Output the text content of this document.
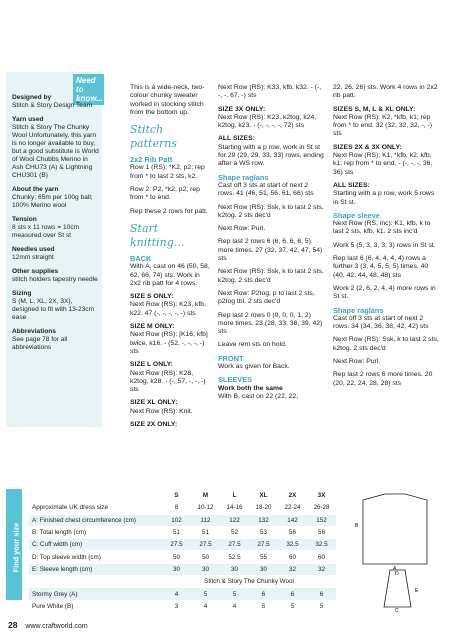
Need to know...
Designed by
Stitch & Story Design Team
Yarn used
Stitch & Story The Chunky Wool Unfortunately, this yarn is no longer available to buy, but a good substitute is World of Wool Chubbs Merino in Ash CHU73 (A) & Lightning CHU301 (B)
About the yarn
Chunky; 65m per 100g ball; 100% Merino wool
Tension
8 sts x 11 rows = 10cm measured over St st
Needles used
12mm straight
Other supplies
stitch holders tapestry needle
Sizing
S (M, L, XL, 2X, 3X), designed to fit with 13-23cm ease
Abbreviations
See page 78 for all abbreviations

This is a wide-neck, two-colour chunky sweater worked in stocking stitch from the bottom up.

Stitch patterns
2x2 Rib Patt

Row 1 (RS): *K2, p2; rep from * to last 2 sts, k2.

Row 2: P2, *k2, p2; rep from * to end.

Rep these 2 rows for patt.

Start knitting...
BACK

With A, cast on 46 (50, 58, 62, 66, 74) sts. Work in 2x2 rib patt for 4 rows.

SIZE S ONLY:

Next Row (RS): K23, kfb, k22. 47 (-, -, -, -, -) sts

SIZE M ONLY:

Next Row (RS): [K16, kfb] twice, k16. - (52, -, -, -, -) sts

SIZE L ONLY:

Next Row (RS): K28, k2tog, k28. - (-, 57, -, -, -) sts

SIZE XL ONLY:

Next Row (RS): Knit.

SIZE 2X ONLY:

Next Row (RS): K33, kfb, k32. - (-, -, -, 67, -) sts

SIZE 3X ONLY:

Next Row (RS): K23, k2tog, k24, k2tog, k23. - (-, -, -, -, 72) sts

ALL SIZES:

Starting with a p row, work in St st for 29 (29, 29, 33, 33) rows, ending after a WS row.

Shape raglans

Cast off 3 sts at start of next 2 rows. 41 (46, 51, 56, 61, 66) sts

Next Row (RS): Ssk, k to last 2 sts, k2tog. 2 sts dec'd

Next Row: Purl.

Rep last 2 rows 6 (6, 6, 6, 6, 5) more times. 27 (32, 37, 42, 47, 54) sts

Next Row (RS): Ssk, k to last 2 sts, k2tog. 2 sts dec'd

Next Row: P2tog, p to last 2 sts, p2tog tbl. 2 sts dec'd

Rep last 2 rows 0 (0, 0, 0, 1, 2) more times. 23 (28, 33, 38, 39, 42) sts

Leave rem sts on hold.

FRONT

Work as given for Back.

SLEEVES
Work both the same

With B, cast on 22 (22, 22,

22, 26, 26) sts. Work 4 rows in 2x2 rib patt.

SIZES S, M, L & XL ONLY:

Next Row (RS): K2, *kfb, k1; rep from * to end. 32 (32, 32, 32, -, -) sts

SIZES 2X & 3X ONLY:

Next Row (RS): K1, *kfb, k2, kfb, k1; rep from * to end. - (-, -, -, 36, 36) sts

ALL SIZES:

Starting with a p row, work 5 rows in St st.

Shape sleeve

Next Row (RS, inc): K1, kfb, k to last 2 sts, kfb, k1. 2 sts inc'd

Work 5 (5, 3, 3, 3, 3) rows in St st.

Rep last 6 (6, 4, 4, 4, 4) rows a further 3 (3, 4, 5, 5, 5) times. 40 (40, 42, 44, 48, 48) sts

Work 2 (2, 6, 2, 4, 4) more rows in St st.

Shape raglans

Cast off 3 sts at start of next 2 rows. 34 (34, 36, 38, 42, 42) sts

Next Row (RS): Ssk, k to last 2 sts, k2tog. 2 sts dec'd

Next Row: Purl.

Rep last 2 rows 6 more times. 20 (20, 22, 24, 28, 28) sts

Find your size
	S	M	L	XL	2X	3X
Approximate UK dress size	8	10-12	14-16	18-20	22-24	26-28
A: Finished chest circumference (cm)	102	112	122	132	142	152
B: Total length (cm)	51	51	52	53	56	56
C: Cuff width (cm)	27.5	27.5	27.5	27.5	32.5	32.5
D: Top sleeve width (cm)	50	50	52.5	55	60	60
E: Sleeve length (cm)	30	30	30	30	32	32
	Stitch & Story The Chunky Wool					
Stormy Grey (A)	4	5	5	6	6	6
Pure White (B)	3	4	4	5	5	5
A
B
C
D
E
28 www.craftworld.com
